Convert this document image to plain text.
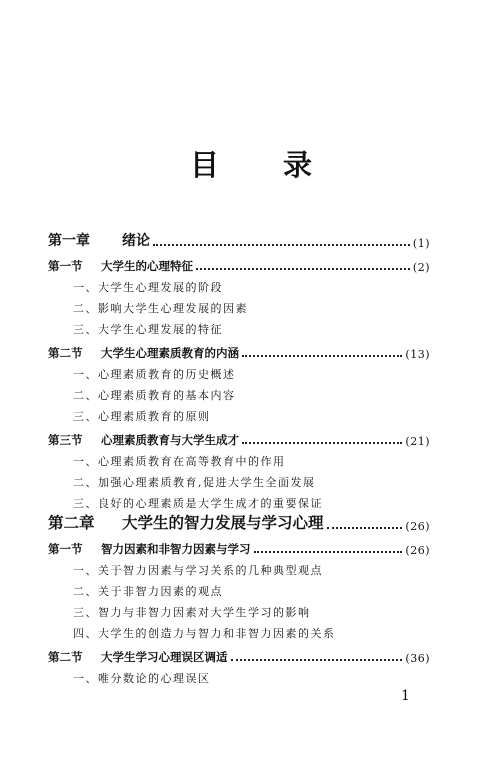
目 录
第一章	绪论	(1)
第一节	大学生的心理特征	(2)
一、大学生心理发展的阶段
二、影响大学生心理发展的因素
三、大学生心理发展的特征
第二节	大学生心理素质教育的内涵	(13)
一、心理素质教育的历史概述
二、心理素质教育的基本内容
三、心理素质教育的原则
第三节	心理素质教育与大学生成才	(21)
一、心理素质教育在高等教育中的作用
二、加强心理素质教育,促进大学生全面发展
三、良好的心理素质是大学生成才的重要保证
第二章	大学生的智力发展与学习心理	(26)
第一节	智力因素和非智力因素与学习	(26)
一、关于智力因素与学习关系的几种典型观点
二、关于非智力因素的观点
三、智力与非智力因素对大学生学习的影响
四、大学生的创造力与智力和非智力因素的关系
第二节	大学生学习心理误区调适	(36)
一、唯分数论的心理误区
1
